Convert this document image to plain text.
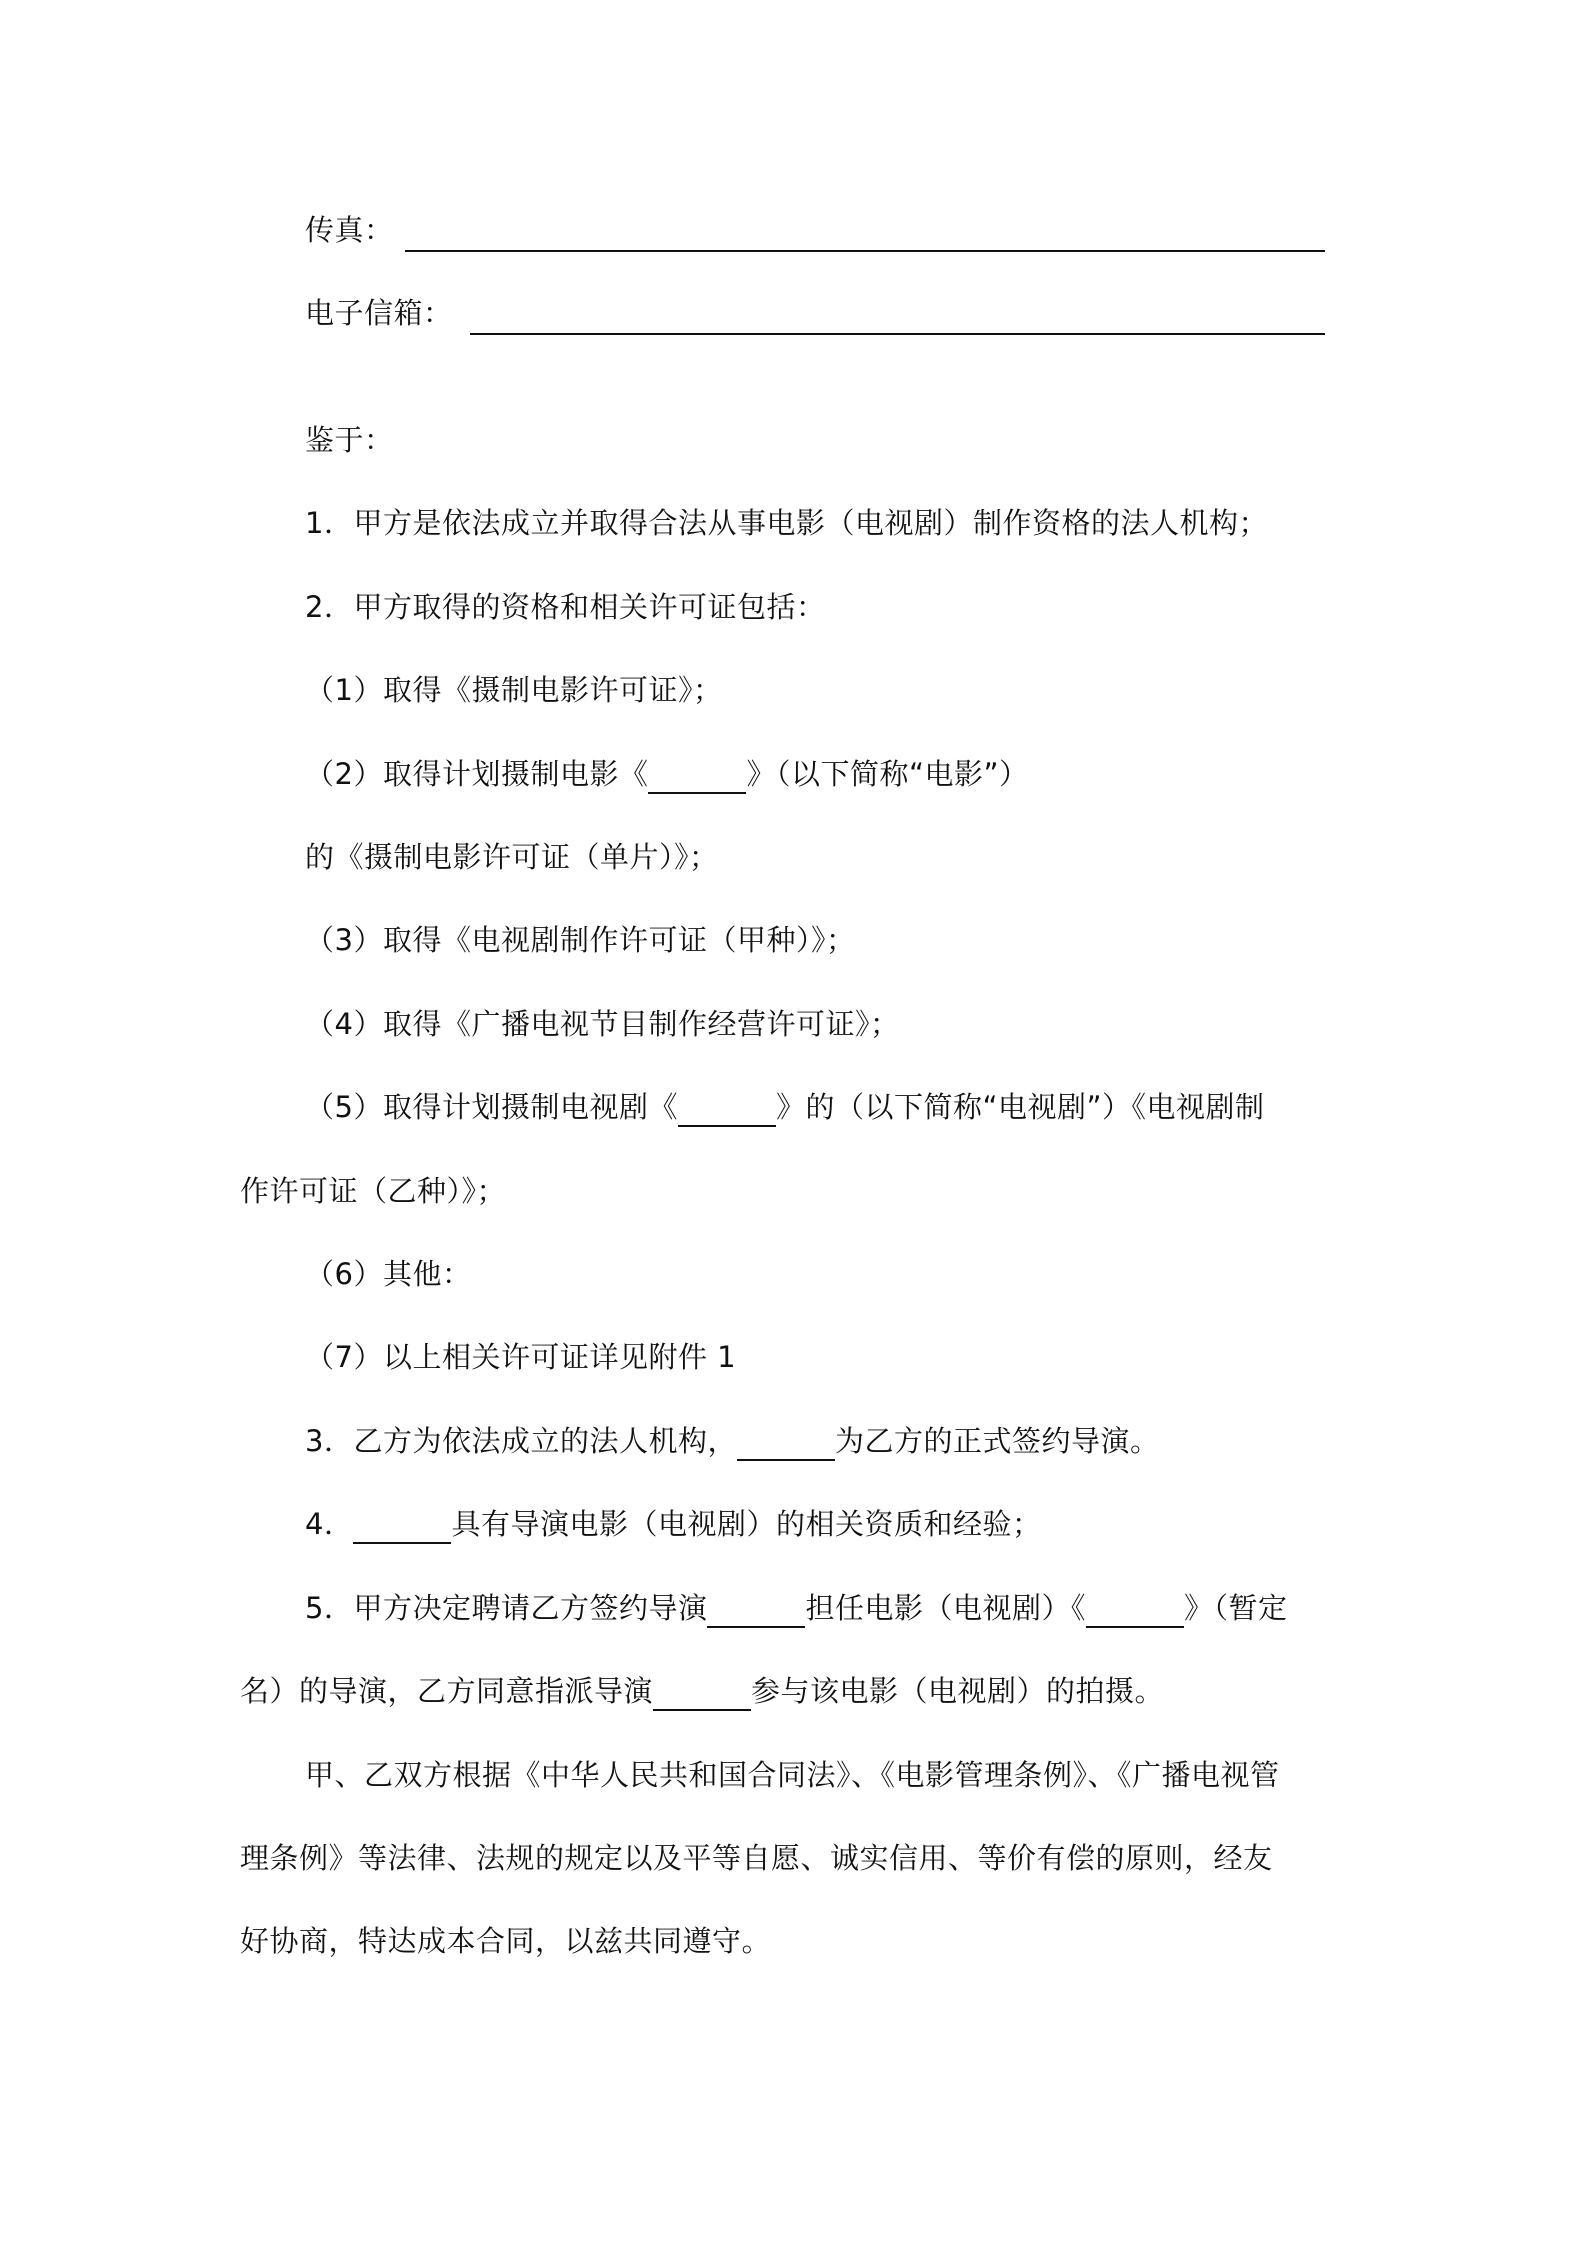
传真：
电子信箱：
鉴于：
1．甲方是依法成立并取得合法从事电影（电视剧）制作资格的法人机构；
2．甲方取得的资格和相关许可证包括：
（1）取得《摄制电影许可证》；
（2）取得计划摄制电影《	》（以下简称“电影”）
的《摄制电影许可证（单片）》；
（3）取得《电视剧制作许可证（甲种）》；
（4）取得《广播电视节目制作经营许可证》；
（5）取得计划摄制电视剧《	》的（以下简称“电视剧”）《电视剧制
作许可证（乙种）》；
（6）其他：
（7）以上相关许可证详见附件 1
3．乙方为依法成立的法人机构，	为乙方的正式签约导演。
4．	具有导演电影（电视剧）的相关资质和经验；
5．甲方决定聘请乙方签约导演	担任电影（电视剧）《	》（暂定
名）的导演，乙方同意指派导演	参与该电影（电视剧）的拍摄。
甲、乙双方根据《中华人民共和国合同法》、《电影管理条例》、《广播电视管
理条例》等法律、法规的规定以及平等自愿、诚实信用、等价有偿的原则，经友
好协商，特达成本合同，以兹共同遵守。
